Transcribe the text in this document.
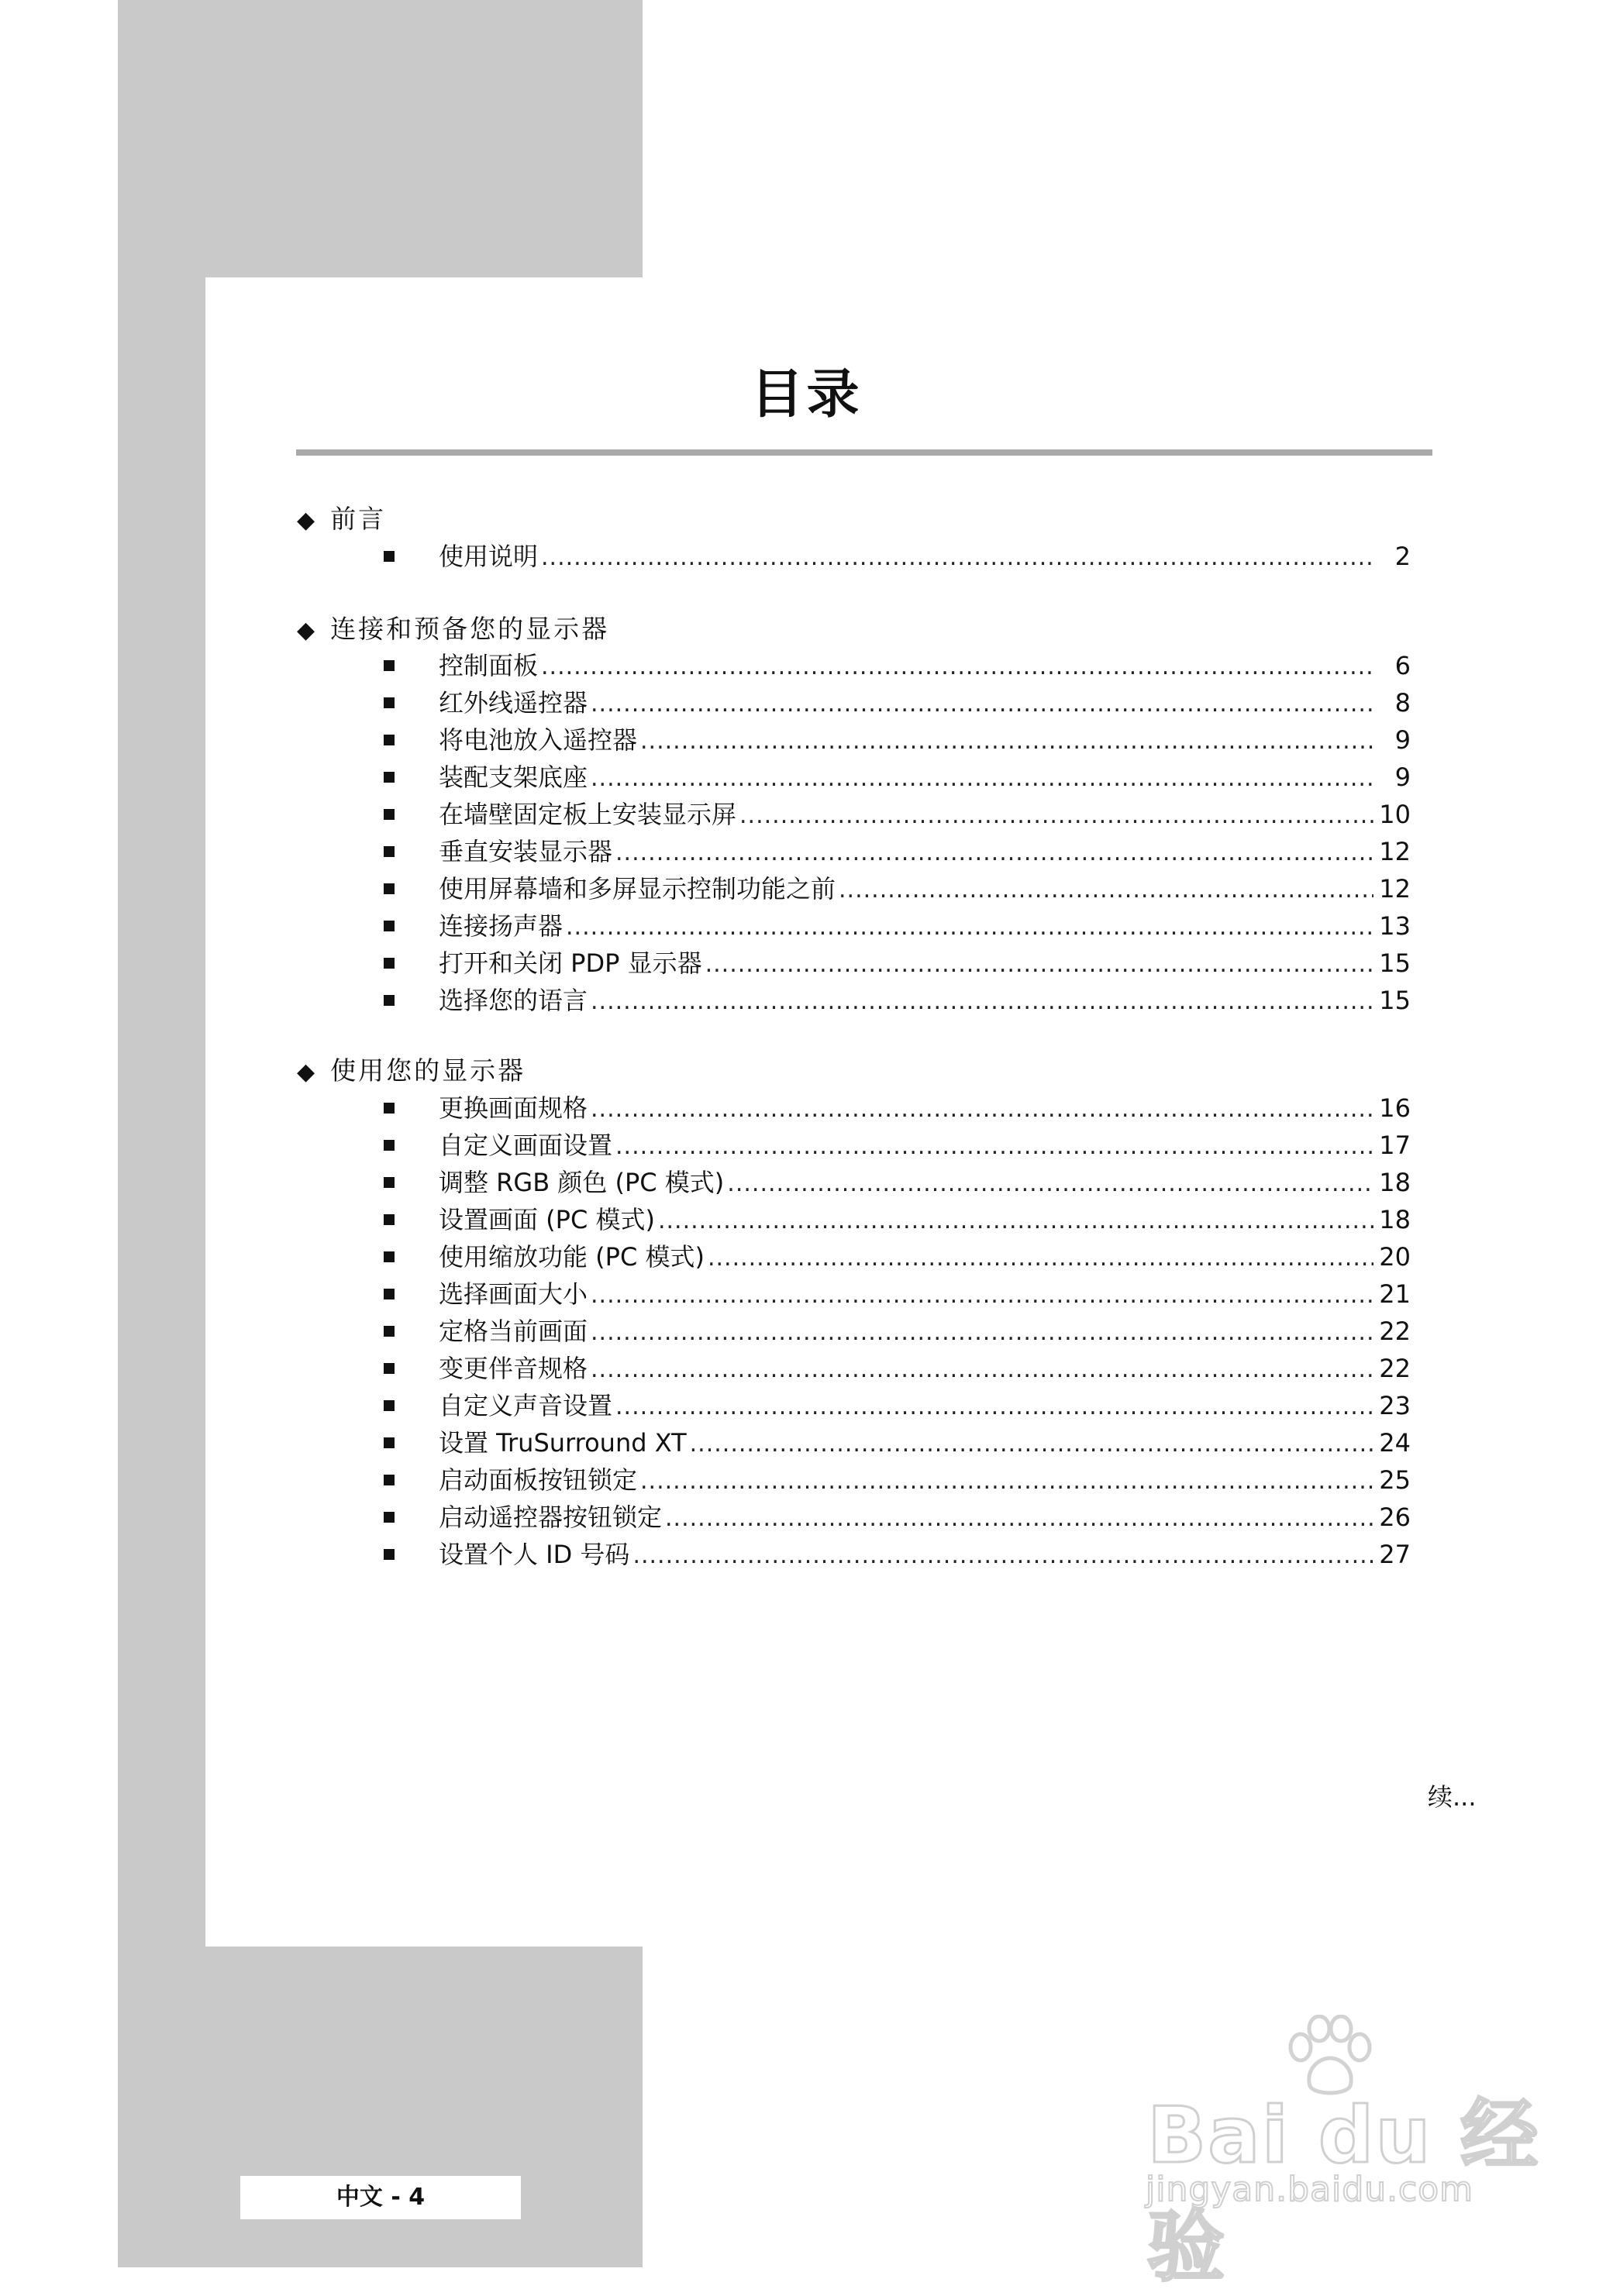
目录
◆ 前言
使用说明 .....	2
◆ 连接和预备您的显示器
控制面板 .....	6
红外线遥控器 .....	8
将电池放入遥控器 .....	9
装配支架底座 .....	9
在墙壁固定板上安装显示屏 .....	10
垂直安装显示器 .....	12
使用屏幕墙和多屏显示控制功能之前 .....	12
连接扬声器 .....	13
打开和关闭 PDP 显示器 .....	15
选择您的语言 .....	15
◆ 使用您的显示器
更换画面规格 .....	16
自定义画面设置 .....	17
调整 RGB 颜色 (PC 模式) .....	18
设置画面 (PC 模式) .....	18
使用缩放功能 (PC 模式) .....	20
选择画面大小 .....	21
定格当前画面 .....	22
变更伴音规格 .....	22
自定义声音设置 .....	23
设置 TruSurround XT .....	24
启动面板按钮锁定 .....	25
启动遥控器按钮锁定 .....	26
设置个人 ID 号码 .....	27
续...
中文 - 4
Bai du 经验
jingyan.baidu.com
